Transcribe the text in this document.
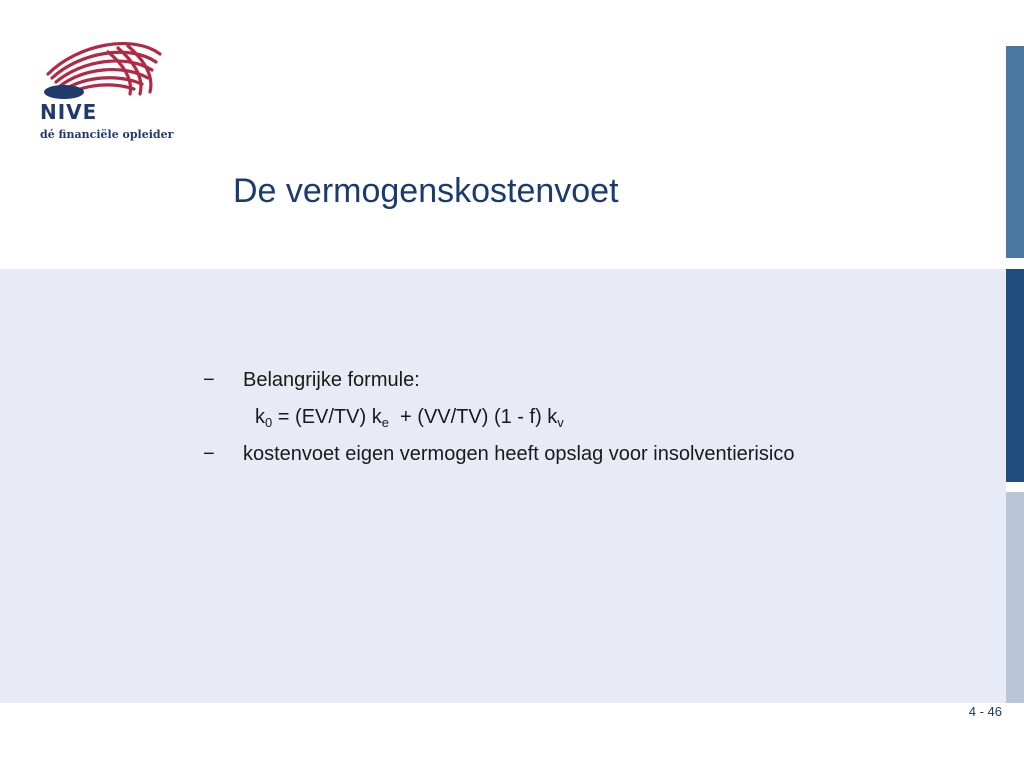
NIVE
dé financiële opleider
De vermogenskostenvoet
− Belangrijke formule:
$k_0 = (EV/TV) k_e + (VV/TV)$ (1 - f) $k_v$
− kostenvoet eigen vermogen heeft opslag voor insolventierisico
4 - 46
